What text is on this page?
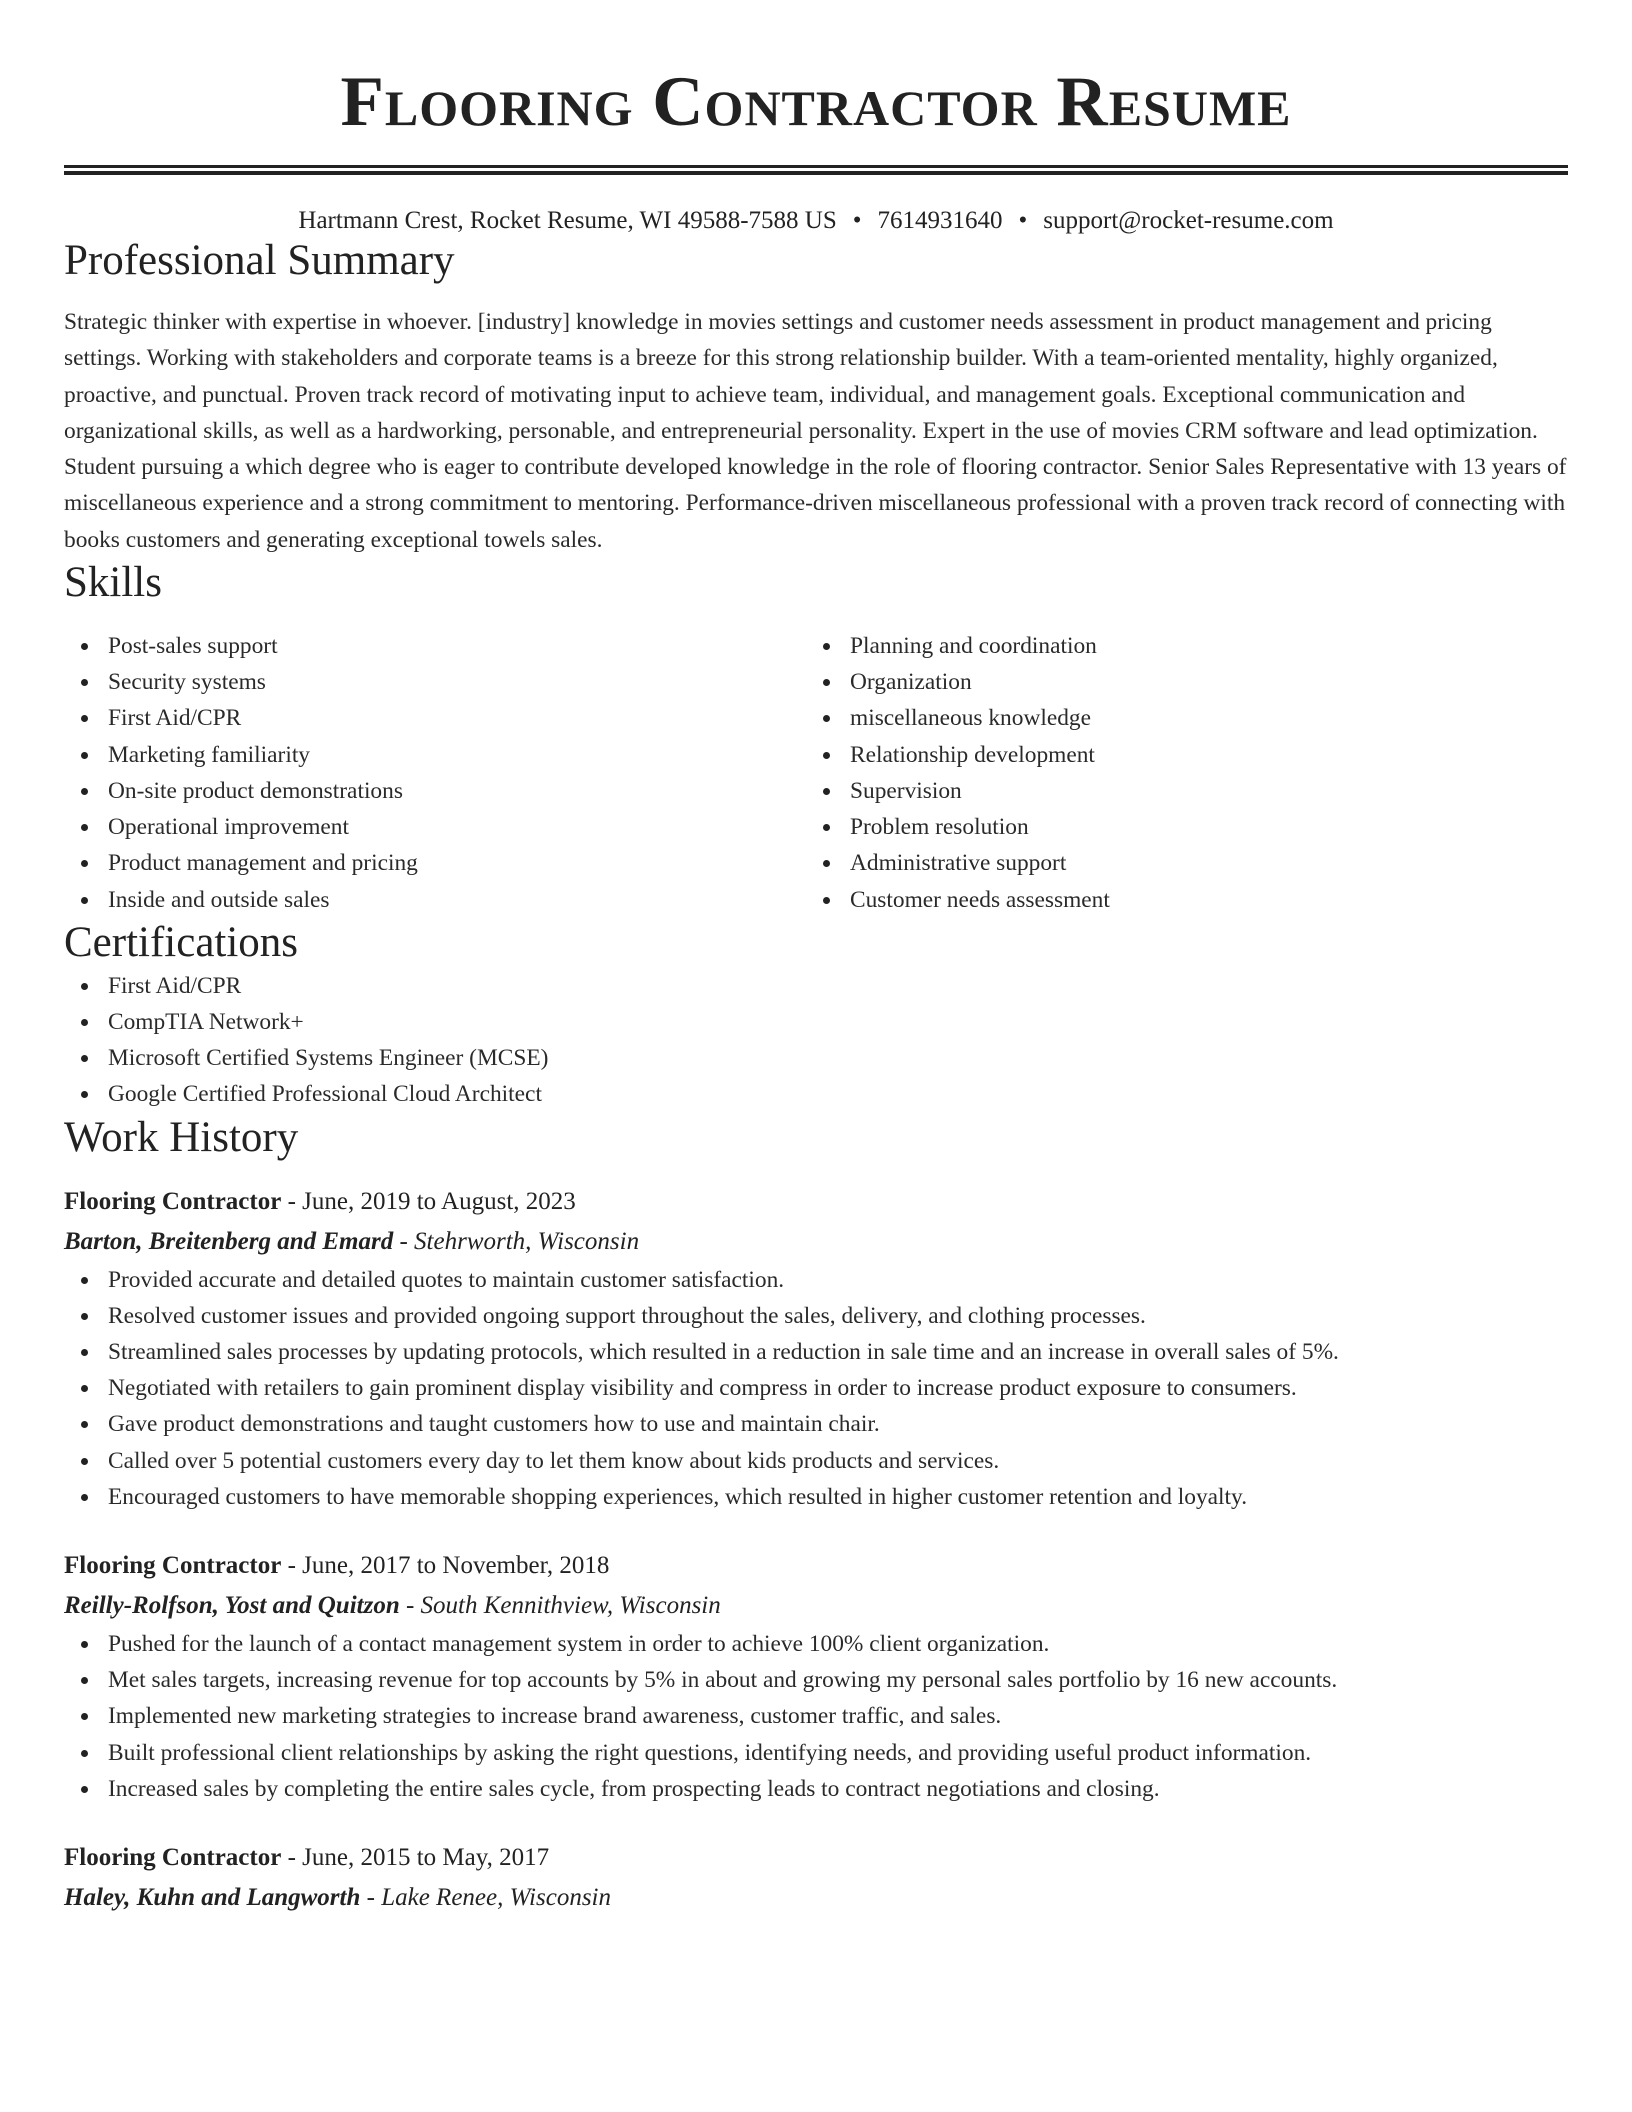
Flooring Contractor Resume
Hartmann Crest, Rocket Resume, WI 49588-7588 US • 7614931640 • support@rocket-resume.com
Professional Summary

Strategic thinker with expertise in whoever. [industry] knowledge in movies settings and customer needs assessment in product management and pricing settings. Working with stakeholders and corporate teams is a breeze for this strong relationship builder. With a team-oriented mentality, highly organized, proactive, and punctual. Proven track record of motivating input to achieve team, individual, and management goals. Exceptional communication and organizational skills, as well as a hardworking, personable, and entrepreneurial personality. Expert in the use of movies CRM software and lead optimization. Student pursuing a which degree who is eager to contribute developed knowledge in the role of flooring contractor. Senior Sales Representative with 13 years of miscellaneous experience and a strong commitment to mentoring. Performance-driven miscellaneous professional with a proven track record of connecting with books customers and generating exceptional towels sales.

Skills
Post-sales support
Security systems
First Aid/CPR
Marketing familiarity
On-site product demonstrations
Operational improvement
Product management and pricing
Inside and outside sales
Planning and coordination
Organization
miscellaneous knowledge
Relationship development
Supervision
Problem resolution
Administrative support
Customer needs assessment
Certifications
First Aid/CPR
CompTIA Network+
Microsoft Certified Systems Engineer (MCSE)
Google Certified Professional Cloud Architect
Work History
Flooring Contractor - June, 2019 to August, 2023
Barton, Breitenberg and Emard - Stehrworth, Wisconsin
Provided accurate and detailed quotes to maintain customer satisfaction.
Resolved customer issues and provided ongoing support throughout the sales, delivery, and clothing processes.
Streamlined sales processes by updating protocols, which resulted in a reduction in sale time and an increase in overall sales of 5%.
Negotiated with retailers to gain prominent display visibility and compress in order to increase product exposure to consumers.
Gave product demonstrations and taught customers how to use and maintain chair.
Called over 5 potential customers every day to let them know about kids products and services.
Encouraged customers to have memorable shopping experiences, which resulted in higher customer retention and loyalty.
Flooring Contractor - June, 2017 to November, 2018
Reilly-Rolfson, Yost and Quitzon - South Kennithview, Wisconsin
Pushed for the launch of a contact management system in order to achieve 100% client organization.
Met sales targets, increasing revenue for top accounts by 5% in about and growing my personal sales portfolio by 16 new accounts.
Implemented new marketing strategies to increase brand awareness, customer traffic, and sales.
Built professional client relationships by asking the right questions, identifying needs, and providing useful product information.
Increased sales by completing the entire sales cycle, from prospecting leads to contract negotiations and closing.
Flooring Contractor - June, 2015 to May, 2017
Haley, Kuhn and Langworth - Lake Renee, Wisconsin
